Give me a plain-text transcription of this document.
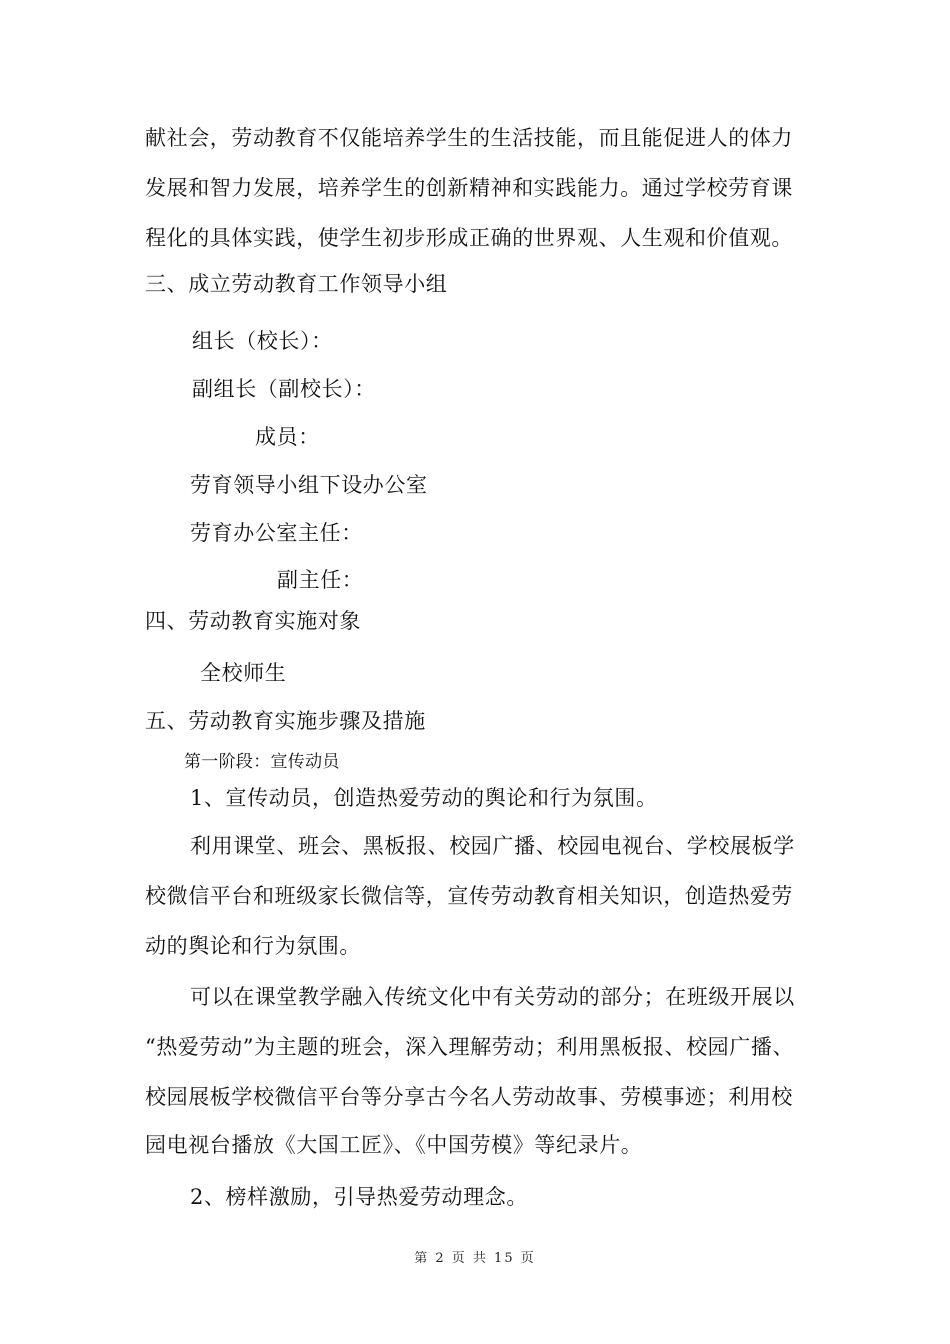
献社会，劳动教育不仅能培养学生的生活技能，而且能促进人的体力
发展和智力发展，培养学生的创新精神和实践能力。通过学校劳育课
程化的具体实践，使学生初步形成正确的世界观、人生观和价值观。
三、成立劳动教育工作领导小组
组长（校长）：
副组长（副校长）：
成员：
劳育领导小组下设办公室
劳育办公室主任：
副主任：
四、劳动教育实施对象
全校师生
五、劳动教育实施步骤及措施
第一阶段：宣传动员
1、宣传动员，创造热爱劳动的舆论和行为氛围。
利用课堂、班会、黑板报、校园广播、校园电视台、学校展板学
校微信平台和班级家长微信等，宣传劳动教育相关知识，创造热爱劳
动的舆论和行为氛围。
可以在课堂教学融入传统文化中有关劳动的部分；在班级开展以
“热爱劳动”为主题的班会，深入理解劳动；利用黑板报、校园广播、
校园展板学校微信平台等分享古今名人劳动故事、劳模事迹；利用校
园电视台播放《大国工匠》、《中国劳模》等纪录片。
2、榜样激励，引导热爱劳动理念。
第 2 页 共 15 页
